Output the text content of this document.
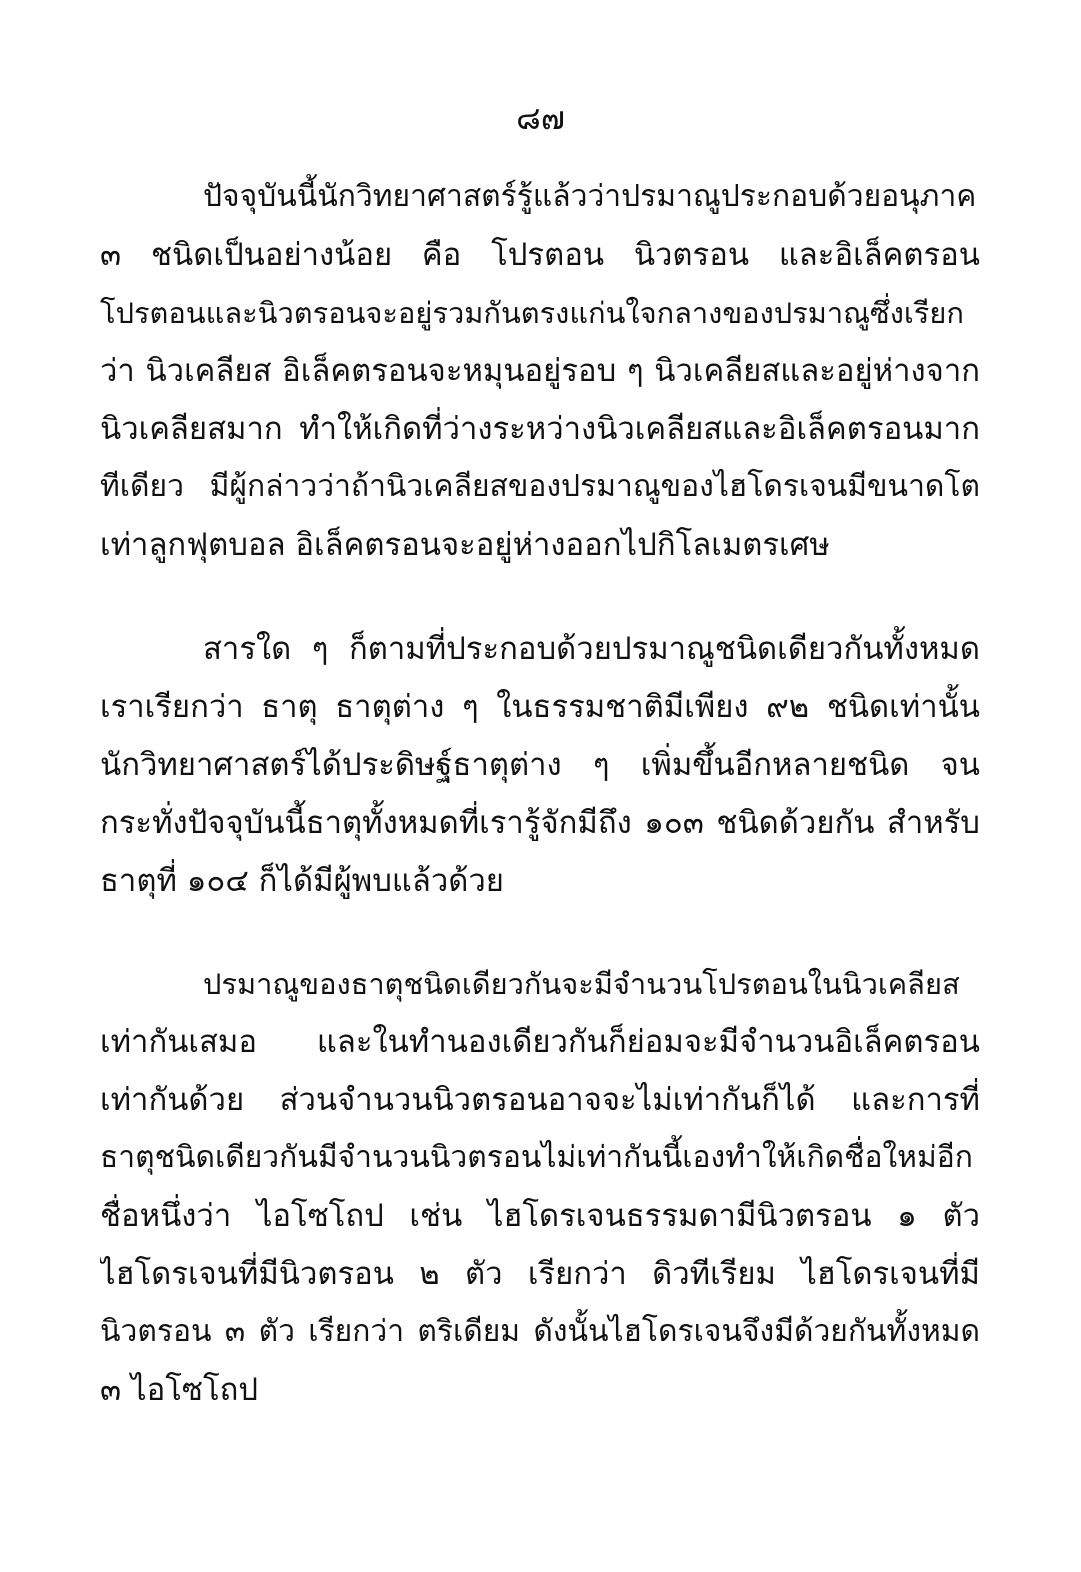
๘๗
ปัจจุบันนี้นักวิทยาศาสตร์รู้แล้วว่าปรมาณูประกอบด้วยอนุภาค
๓ ชนิดเป็นอย่างน้อย คือ โปรตอน นิวตรอน และอิเล็คตรอน
โปรตอนและนิวตรอนจะอยู่รวมกันตรงแก่นใจกลางของปรมาณูซึ่งเรียก
ว่า นิวเคลียส อิเล็คตรอนจะหมุนอยู่รอบ ๆ นิวเคลียสและอยู่ห่างจาก
นิวเคลียสมาก ทำให้เกิดที่ว่างระหว่างนิวเคลียสและอิเล็คตรอนมาก
ทีเดียว มีผู้กล่าวว่าถ้านิวเคลียสของปรมาณูของไฮโดรเจนมีขนาดโต
เท่าลูกฟุตบอล อิเล็คตรอนจะอยู่ห่างออกไปกิโลเมตรเศษ
สารใด ๆ ก็ตามที่ประกอบด้วยปรมาณูชนิดเดียวกันทั้งหมด
เราเรียกว่า ธาตุ ธาตุต่าง ๆ ในธรรมชาติมีเพียง ๙๒ ชนิดเท่านั้น
นักวิทยาศาสตร์ได้ประดิษฐ์ธาตุต่าง ๆ เพิ่มขึ้นอีกหลายชนิด จน
กระทั่งปัจจุบันนี้ธาตุทั้งหมดที่เรารู้จักมีถึง ๑๐๓ ชนิดด้วยกัน สำหรับ
ธาตุที่ ๑๐๔ ก็ได้มีผู้พบแล้วด้วย
ปรมาณูของธาตุชนิดเดียวกันจะมีจำนวนโปรตอนในนิวเคลียส
เท่ากันเสมอ และในทำนองเดียวกันก็ย่อมจะมีจำนวนอิเล็คตรอน
เท่ากันด้วย ส่วนจำนวนนิวตรอนอาจจะไม่เท่ากันก็ได้ และการที่
ธาตุชนิดเดียวกันมีจำนวนนิวตรอนไม่เท่ากันนี้เองทำให้เกิดชื่อใหม่อีก
ชื่อหนึ่งว่า ไอโซโถป เช่น ไฮโดรเจนธรรมดามีนิวตรอน ๑ ตัว
ไฮโดรเจนที่มีนิวตรอน ๒ ตัว เรียกว่า ดิวทีเรียม ไฮโดรเจนที่มี
นิวตรอน ๓ ตัว เรียกว่า ตริเดียม ดังนั้นไฮโดรเจนจึงมีด้วยกันทั้งหมด
๓ ไอโซโถป
